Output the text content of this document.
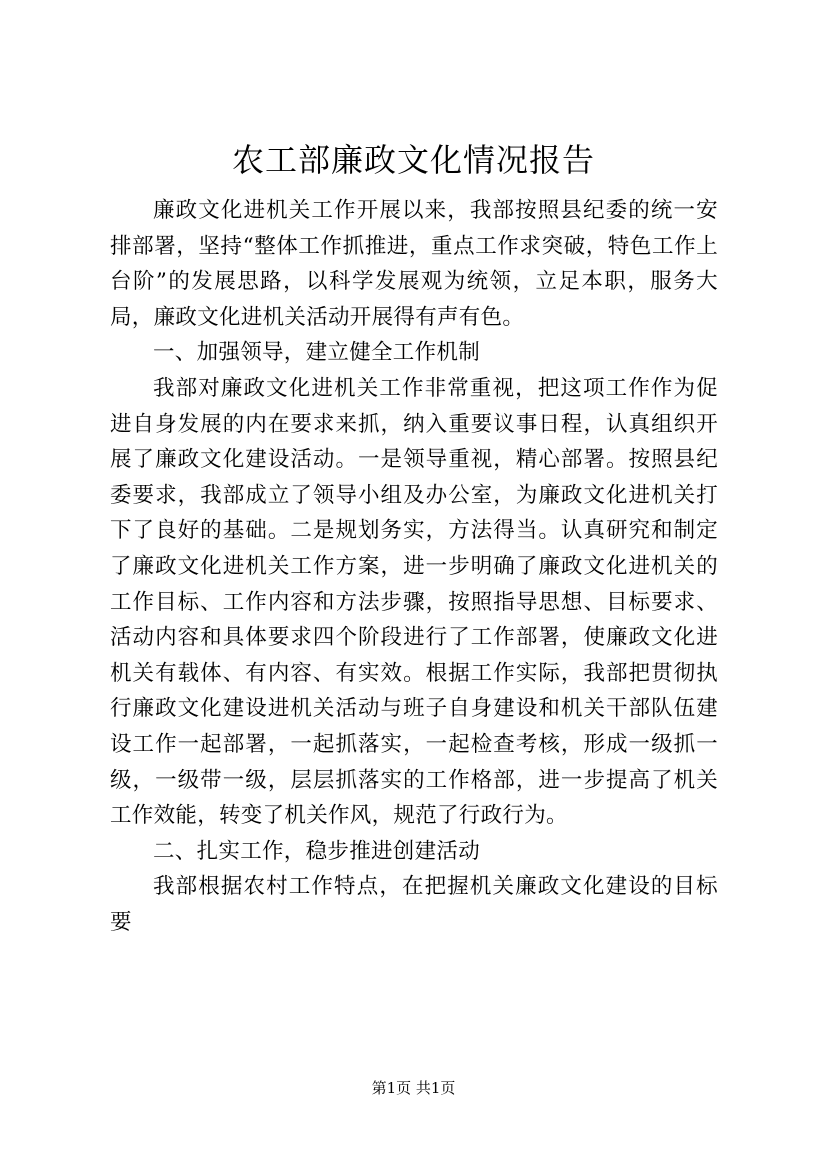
农工部廉政文化情况报告

廉政文化进机关工作开展以来，我部按照县纪委的统一安排部署，坚持“整体工作抓推进，重点工作求突破，特色工作上台阶”的发展思路，以科学发展观为统领，立足本职，服务大局，廉政文化进机关活动开展得有声有色。

一、加强领导，建立健全工作机制

我部对廉政文化进机关工作非常重视，把这项工作作为促进自身发展的内在要求来抓，纳入重要议事日程，认真组织开展了廉政文化建设活动。一是领导重视，精心部署。按照县纪委要求，我部成立了领导小组及办公室，为廉政文化进机关打下了良好的基础。二是规划务实，方法得当。认真研究和制定了廉政文化进机关工作方案，进一步明确了廉政文化进机关的工作目标、工作内容和方法步骤，按照指导思想、目标要求、活动内容和具体要求四个阶段进行了工作部署，使廉政文化进机关有载体、有内容、有实效。根据工作实际，我部把贯彻执行廉政文化建设进机关活动与班子自身建设和机关干部队伍建设工作一起部署，一起抓落实，一起检查考核，形成一级抓一级，一级带一级，层层抓落实的工作格部，进一步提高了机关工作效能，转变了机关作风，规范了行政行为。

二、扎实工作，稳步推进创建活动

我部根据农村工作特点，在把握机关廉政文化建设的目标要

第1页 共1页
